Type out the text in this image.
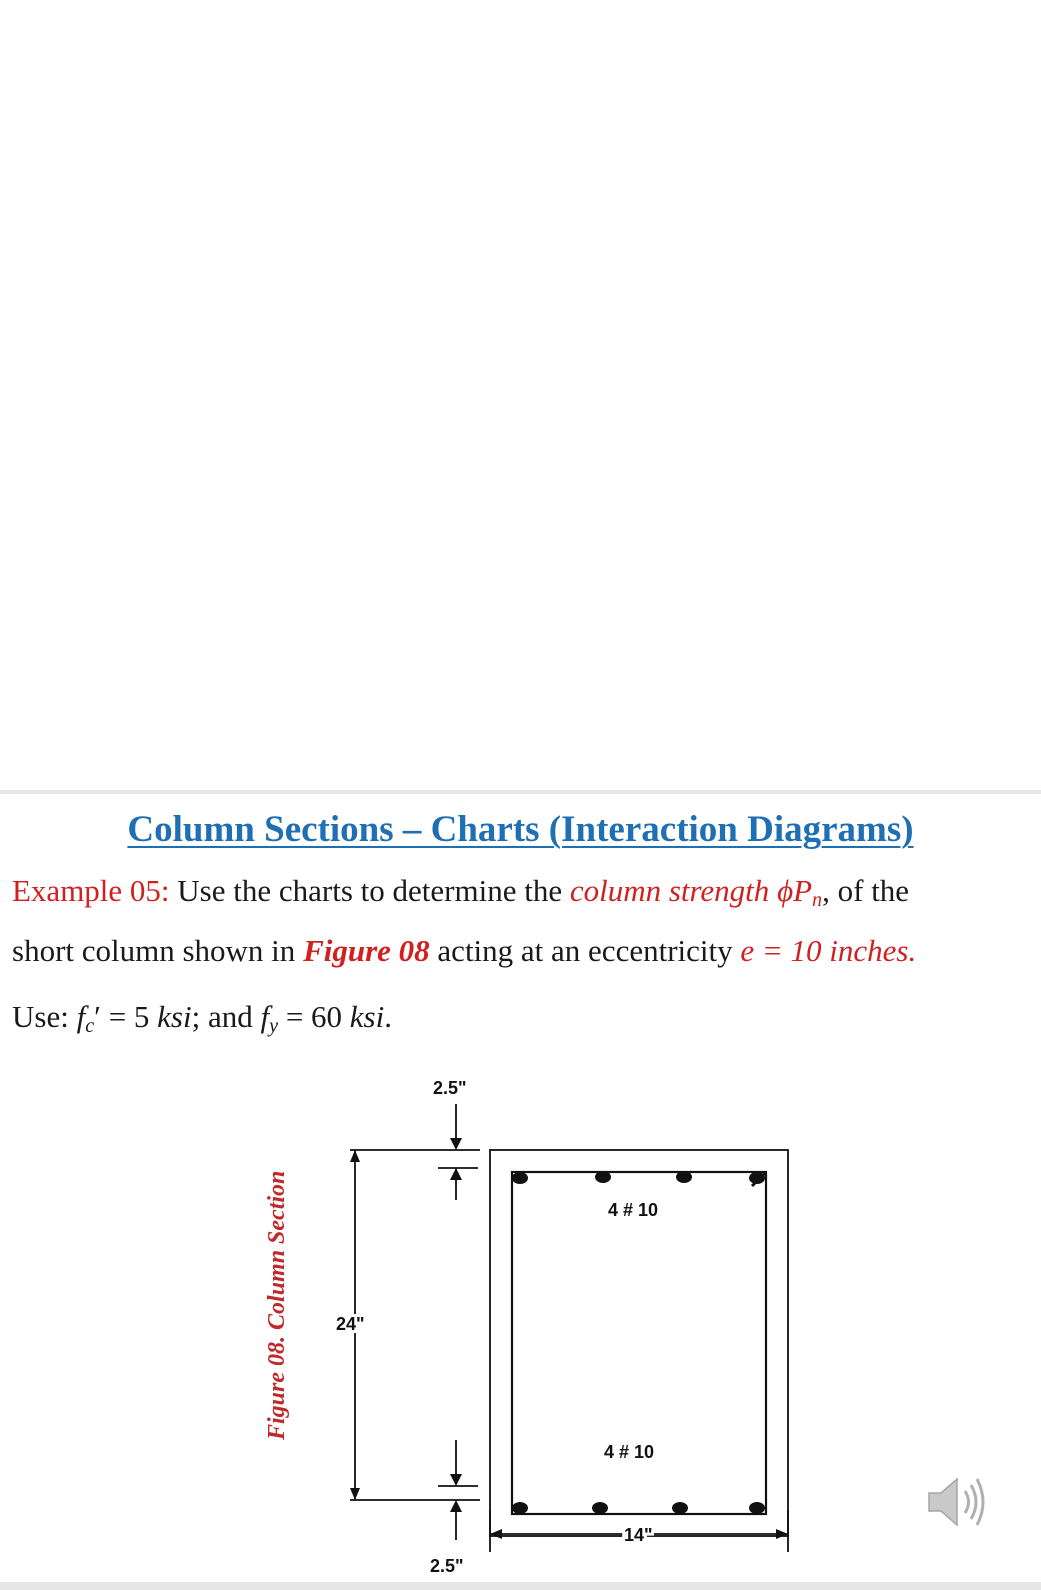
Column Sections – Charts (Interaction Diagrams)
Example 05: Use the charts to determine the column strength $\phi P_n$, of the
short column shown in Figure 08 acting at an eccentricity e = 10 inches.
Use: $f_c' = 5$ ksi; and $f_y = 60$ ksi.
2.5"
4 # 10
24"
4 # 10
14"
2.5"
Figure 08. Column Section
